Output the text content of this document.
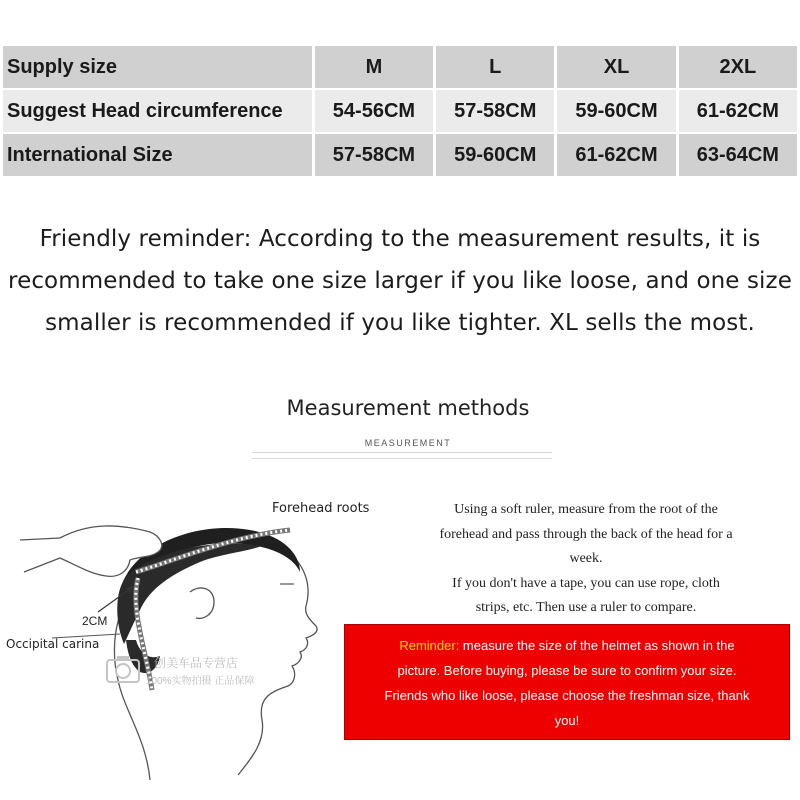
Supply size	M	L	XL	2XL
Suggest Head circumference	54-56CM	57-58CM	59-60CM	61-62CM
International Size	57-58CM	59-60CM	61-62CM	63-64CM
Friendly reminder: According to the measurement results, it is
recommended to take one size larger if you like loose, and one size
smaller is recommended if you like tighter. XL sells the most.
Measurement methods
MEASUREMENT
Forehead roots
2CM
Occipital carina
创美车品专营店
100%实物拍摄 正品保障
Using a soft ruler, measure from the root of the
forehead and pass through the back of the head for a
week.
If you don't have a tape, you can use rope, cloth
strips, etc. Then use a ruler to compare.
Reminder: measure the size of the helmet as shown in the
picture. Before buying, please be sure to confirm your size.
Friends who like loose, please choose the freshman size, thank
you!
